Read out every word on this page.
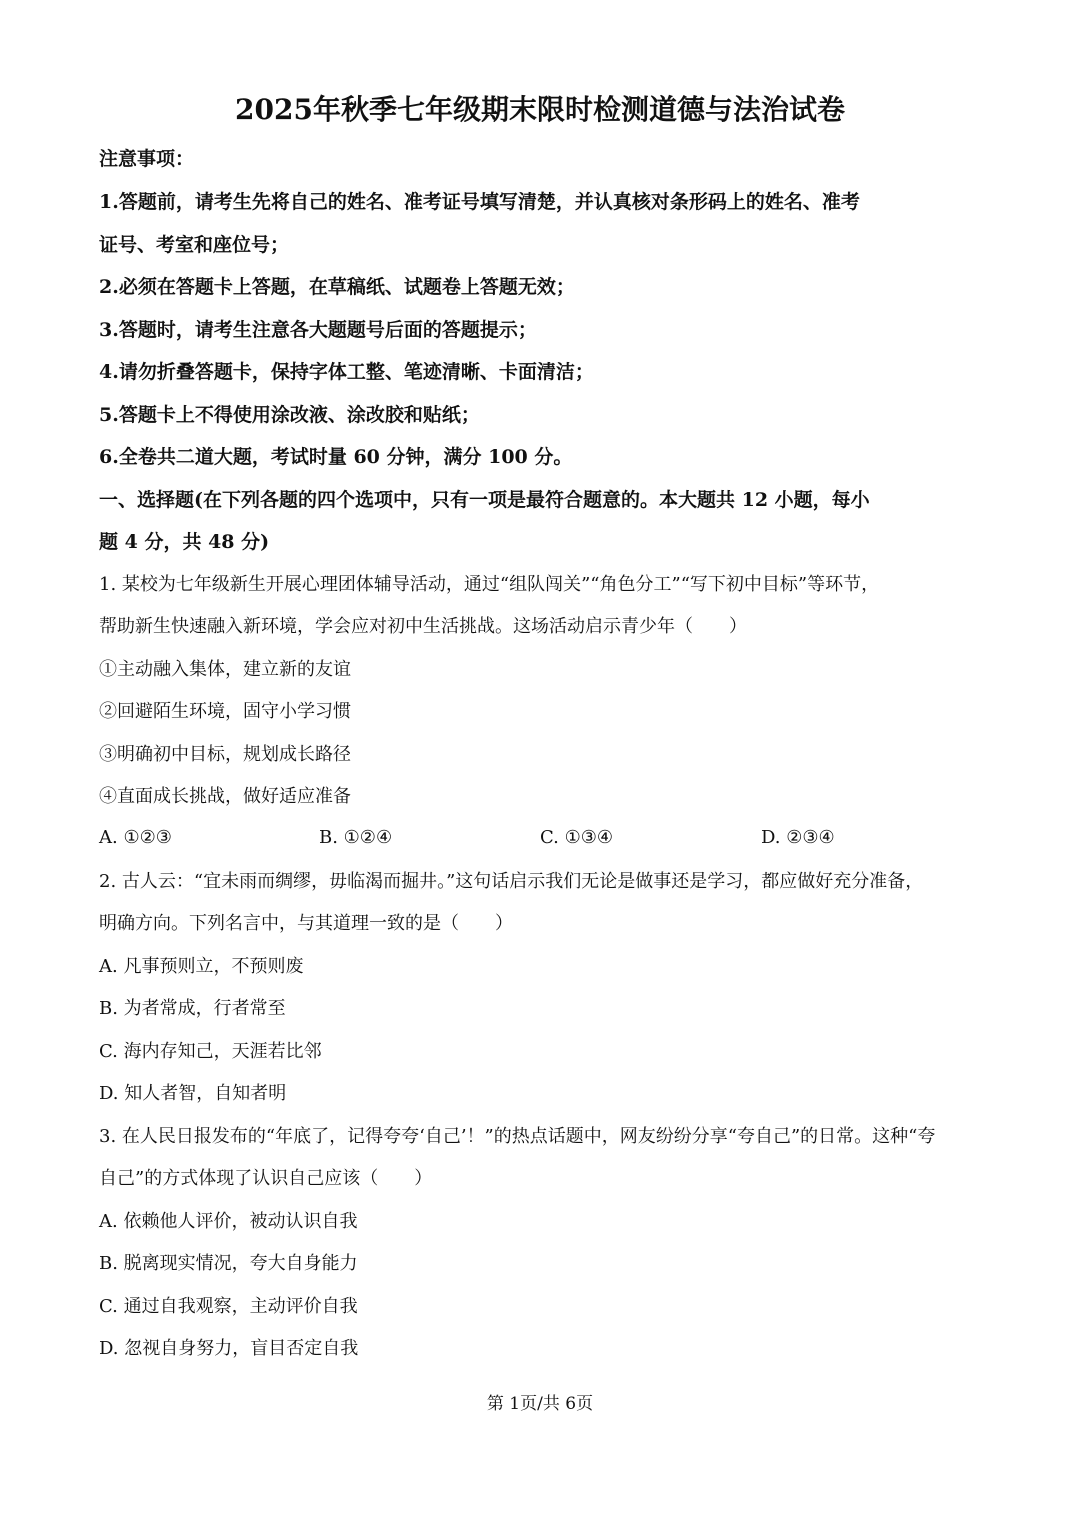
2025年秋季七年级期末限时检测道德与法治试卷
注意事项：
1.答题前，请考生先将自己的姓名、准考证号填写清楚，并认真核对条形码上的姓名、准考
证号、考室和座位号；
2.必须在答题卡上答题，在草稿纸、试题卷上答题无效；
3.答题时，请考生注意各大题题号后面的答题提示；
4.请勿折叠答题卡，保持字体工整、笔迹清晰、卡面清洁；
5.答题卡上不得使用涂改液、涂改胶和贴纸；
6.全卷共二道大题，考试时量 60 分钟，满分 100 分。
一、选择题(在下列各题的四个选项中，只有一项是最符合题意的。本大题共 12 小题，每小
题 4 分，共 48 分)
1. 某校为七年级新生开展心理团体辅导活动，通过“组队闯关”“角色分工”“写下初中目标”等环节，
帮助新生快速融入新环境，学会应对初中生活挑战。这场活动启示青少年（　　）
①主动融入集体，建立新的友谊
②回避陌生环境，固守小学习惯
③明确初中目标，规划成长路径
④直面成长挑战，做好适应准备
A. ①②③	B. ①②④	C. ①③④	D. ②③④
2. 古人云：“宜未雨而绸缪，毋临渴而掘井。”这句话启示我们无论是做事还是学习，都应做好充分准备，
明确方向。下列名言中，与其道理一致的是（　　）
A. 凡事预则立，不预则废
B. 为者常成，行者常至
C. 海内存知己，天涯若比邻
D. 知人者智，自知者明
3. 在人民日报发布的“年底了，记得夸夸‘自己’！”的热点话题中，网友纷纷分享“夸自己”的日常。这种“夸
自己”的方式体现了认识自己应该（　　）
A. 依赖他人评价，被动认识自我
B. 脱离现实情况，夸大自身能力
C. 通过自我观察，主动评价自我
D. 忽视自身努力，盲目否定自我
第 1页/共 6页
